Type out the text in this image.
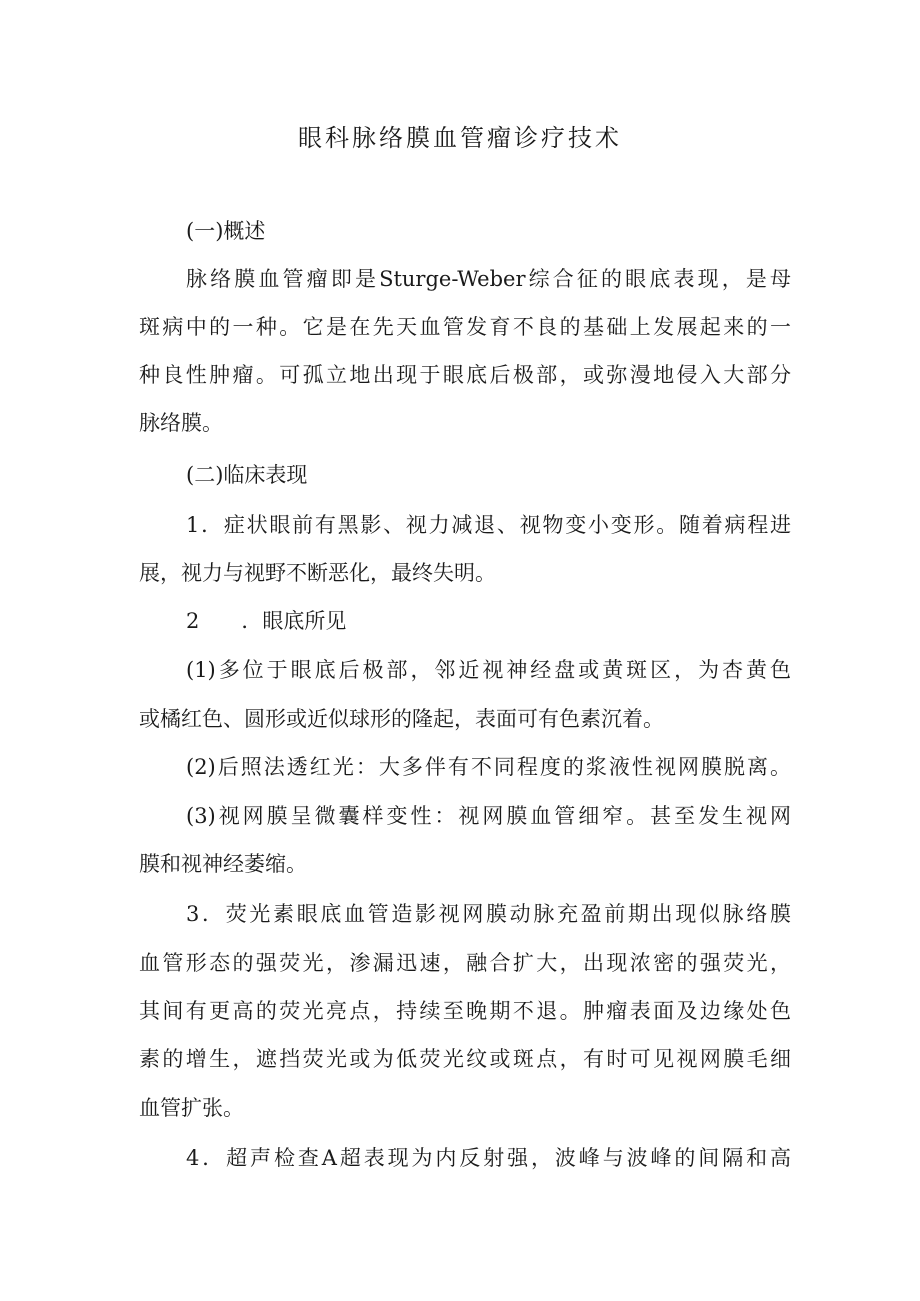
眼科脉络膜血管瘤诊疗技术
(一)概述
脉络膜血管瘤即是Sturge-Weber综合征的眼底表现，是母
斑病中的一种。它是在先天血管发育不良的基础上发展起来的一
种良性肿瘤。可孤立地出现于眼底后极部，或弥漫地侵入大部分
脉络膜。
(二)临床表现
1．症状眼前有黑影、视力减退、视物变小变形。随着病程进
展，视力与视野不断恶化，最终失明。
2　　．眼底所见
(1)多位于眼底后极部，邻近视神经盘或黄斑区，为杏黄色
或橘红色、圆形或近似球形的隆起，表面可有色素沉着。
(2)后照法透红光：大多伴有不同程度的浆液性视网膜脱离。
(3)视网膜呈微囊样变性：视网膜血管细窄。甚至发生视网
膜和视神经萎缩。
3．荧光素眼底血管造影视网膜动脉充盈前期出现似脉络膜
血管形态的强荧光，渗漏迅速，融合扩大，出现浓密的强荧光，
其间有更高的荧光亮点，持续至晚期不退。肿瘤表面及边缘处色
素的增生，遮挡荧光或为低荧光纹或斑点，有时可见视网膜毛细
血管扩张。
4．超声检查A超表现为内反射强，波峰与波峰的间隔和高
